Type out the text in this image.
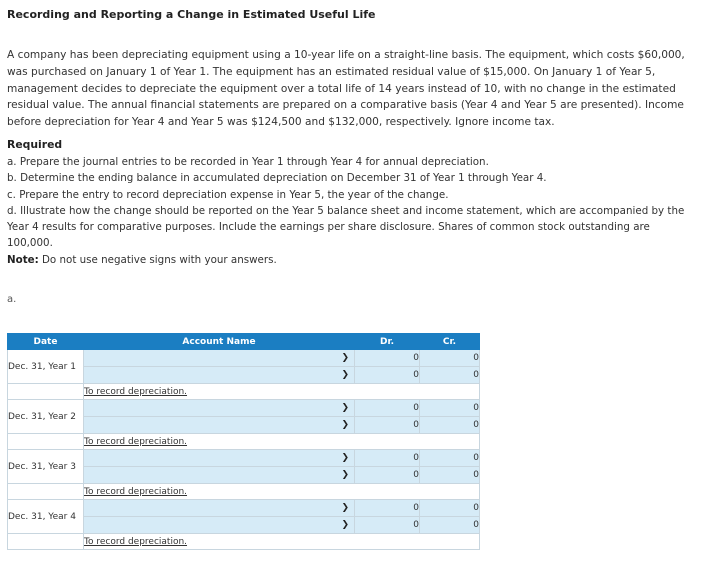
Recording and Reporting a Change in Estimated Useful Life
A company has been depreciating equipment using a 10-year life on a straight-line basis. The equipment, which costs $60,000, was purchased on January 1 of Year 1. The equipment has an estimated residual value of $15,000. On January 1 of Year 5, management decides to depreciate the equipment over a total life of 14 years instead of 10, with no change in the estimated residual value. The annual financial statements are prepared on a comparative basis (Year 4 and Year 5 are presented). Income before depreciation for Year 4 and Year 5 was $124,500 and $132,000, respectively. Ignore income tax.
Required
a. Prepare the journal entries to be recorded in Year 1 through Year 4 for annual depreciation.
b. Determine the ending balance in accumulated depreciation on December 31 of Year 1 through Year 4.
c. Prepare the entry to record depreciation expense in Year 5, the year of the change.
d. Illustrate how the change should be reported on the Year 5 balance sheet and income statement, which are accompanied by the Year 4 results for comparative purposes. Include the earnings per share disclosure. Shares of common stock outstanding are 100,000.
Note: Do not use negative signs with your answers.
a.
Date	Account Name	Dr.	Cr.
Dec. 31, Year 1	❯	0	0

	❯	0	0
	To record depreciation.		
Dec. 31, Year 2	❯	0	0

	❯	0	0
	To record depreciation.		
Dec. 31, Year 3	❯	0	0

	❯	0	0
	To record depreciation.		
Dec. 31, Year 4	❯	0	0

	❯	0	0
	To record depreciation.		
